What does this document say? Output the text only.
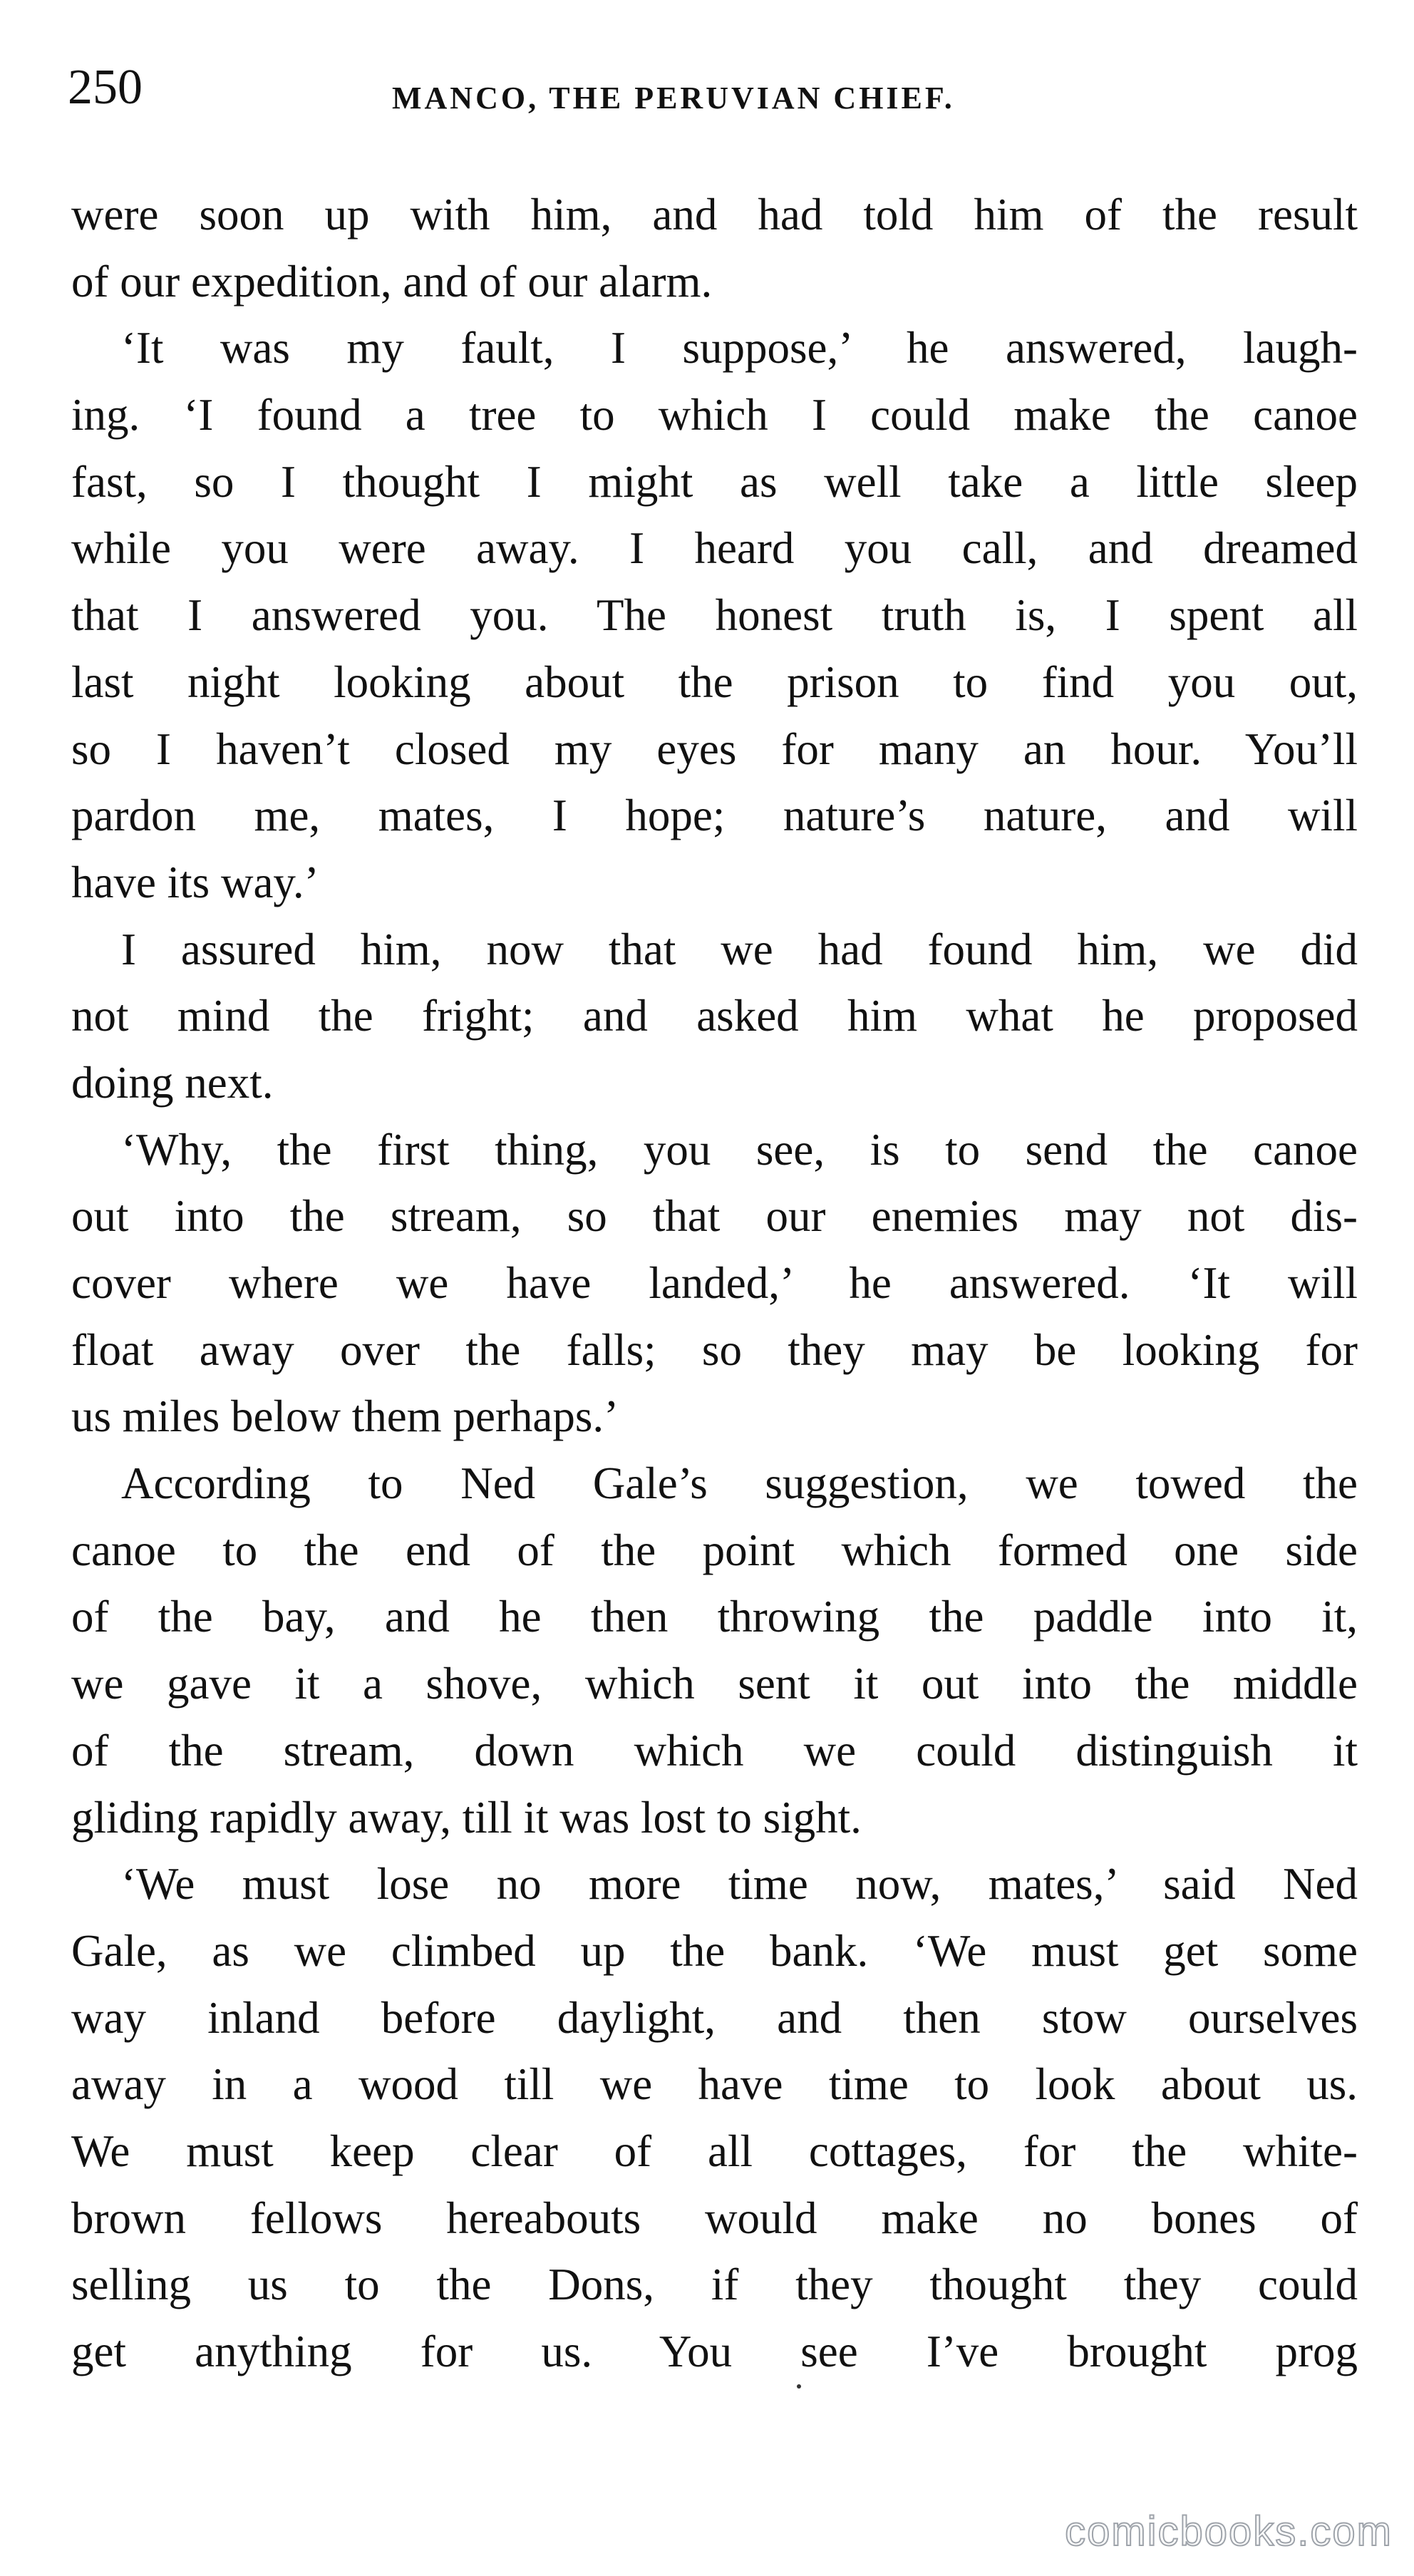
250	MANCO, THE PERUVIAN CHIEF.
were soon up with him, and had told him of the result
of our expedition, and of our alarm.
‘It was my fault, I suppose,’ he answered, laugh-
ing. ‘I found a tree to which I could make the canoe
fast, so I thought I might as well take a little sleep
while you were away. I heard you call, and dreamed
that I answered you. The honest truth is, I spent all
last night looking about the prison to find you out,
so I haven’t closed my eyes for many an hour. You’ll
pardon me, mates, I hope; nature’s nature, and will
have its way.’
I assured him, now that we had found him, we did
not mind the fright; and asked him what he proposed
doing next.
‘Why, the first thing, you see, is to send the canoe
out into the stream, so that our enemies may not dis-
cover where we have landed,’ he answered. ‘It will
float away over the falls; so they may be looking for
us miles below them perhaps.’
According to Ned Gale’s suggestion, we towed the
canoe to the end of the point which formed one side
of the bay, and he then throwing the paddle into it,
we gave it a shove, which sent it out into the middle
of the stream, down which we could distinguish it
gliding rapidly away, till it was lost to sight.
‘We must lose no more time now, mates,’ said Ned
Gale, as we climbed up the bank. ‘We must get some
way inland before daylight, and then stow ourselves
away in a wood till we have time to look about us.
We must keep clear of all cottages, for the white-
brown fellows hereabouts would make no bones of
selling us to the Dons, if they thought they could
get anything for us. You see I’ve brought prog
comicbooks.com
